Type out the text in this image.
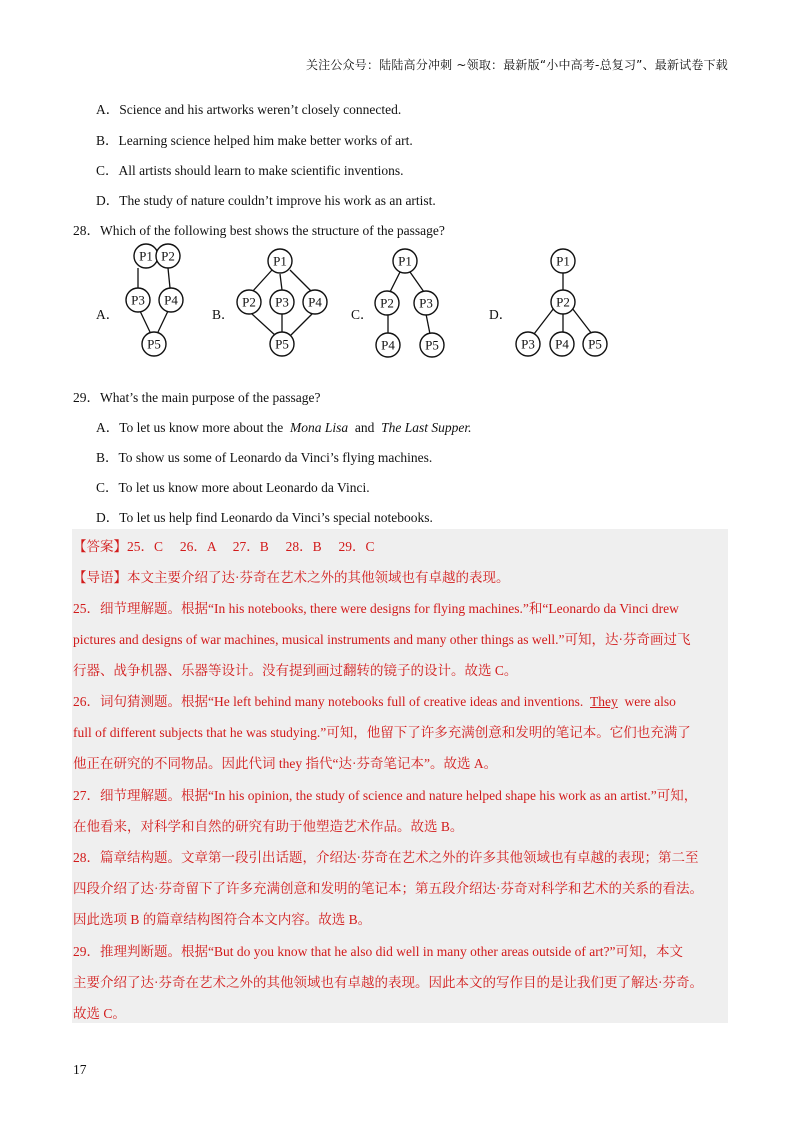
关注公众号：陆陆高分冲刺 ~领取：最新版“小中高考-总复习”、最新试卷下载
A．Science and his artworks weren’t closely connected.
B．Learning science helped him make better works of art.
C．All artists should learn to make scientific inventions.
D．The study of nature couldn’t improve his work as an artist.
28．Which of the following best shows the structure of the passage?
A．	B．	C．	D．
P1 P2
P3 P4
P5
P1
P2 P3 P4
P5
P1
P2 P3
P4 P5
P1
P2
P3 P4 P5
29．What’s the main purpose of the passage?
A．To let us know more about the Mona Lisa and The Last Supper.
B．To show us some of Leonardo da Vinci’s flying machines.
C．To let us know more about Leonardo da Vinci.
D．To let us help find Leonardo da Vinci’s special notebooks.
【答案】25．C　 26．A　 27．B　 28．B　 29．C
【导语】本文主要介绍了达·芬奇在艺术之外的其他领域也有卓越的表现。
25．细节理解题。根据“In his notebooks, there were designs for flying machines.”和“Leonardo da Vinci drew
pictures and designs of war machines, musical instruments and many other things as well.”可知，达·芬奇画过飞
行器、战争机器、乐器等设计。没有提到画过翻转的镜子的设计。故选 C。
26．词句猜测题。根据“He left behind many notebooks full of creative ideas and inventions. They were also
full of different subjects that he was studying.”可知，他留下了许多充满创意和发明的笔记本。它们也充满了
他正在研究的不同物品。因此代词 they 指代“达·芬奇笔记本”。故选 A。
27．细节理解题。根据“In his opinion, the study of science and nature helped shape his work as an artist.”可知，
在他看来，对科学和自然的研究有助于他塑造艺术作品。故选 B。
28．篇章结构题。文章第一段引出话题，介绍达·芬奇在艺术之外的许多其他领域也有卓越的表现；第二至
四段介绍了达·芬奇留下了许多充满创意和发明的笔记本；第五段介绍达·芬奇对科学和艺术的关系的看法。
因此选项 B 的篇章结构图符合本文内容。故选 B。
29．推理判断题。根据“But do you know that he also did well in many other areas outside of art?”可知，本文
主要介绍了达·芬奇在艺术之外的其他领域也有卓越的表现。因此本文的写作目的是让我们更了解达·芬奇。
故选 C。
17
